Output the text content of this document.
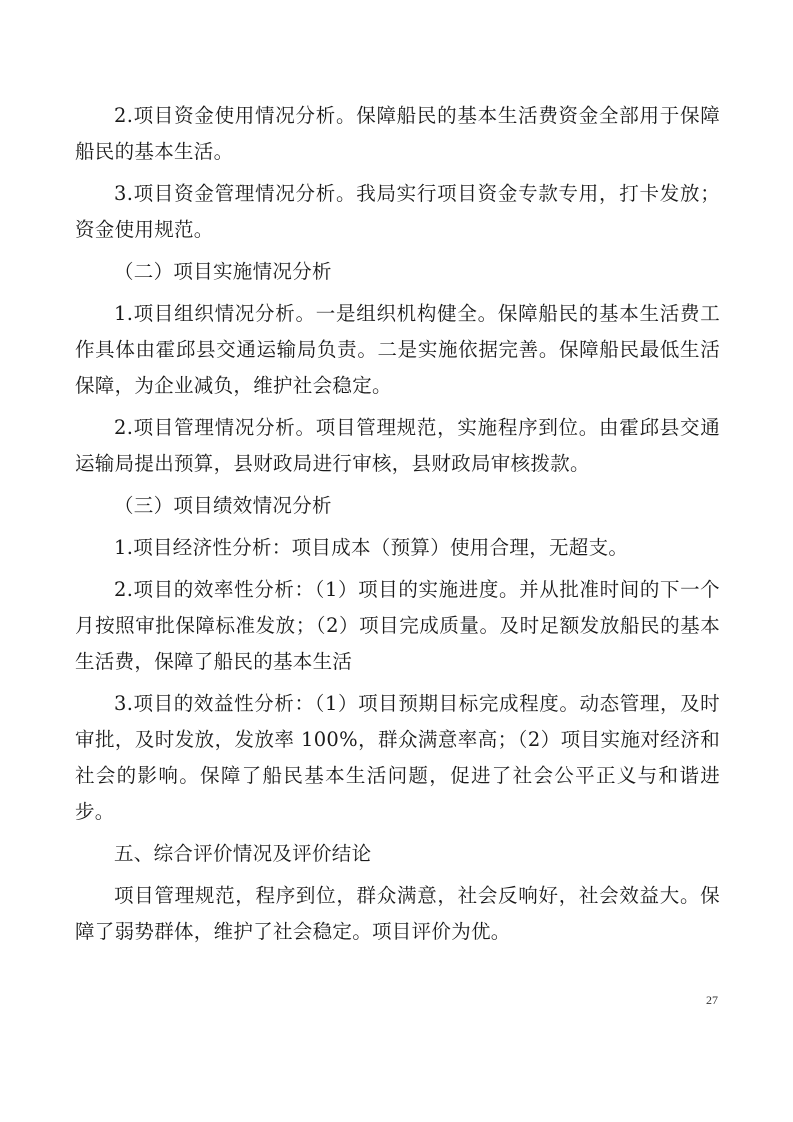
2.项目资金使用情况分析。保障船民的基本生活费资金全部用于保障船民的基本生活。

3.项目资金管理情况分析。我局实行项目资金专款专用，打卡发放；资金使用规范。

（二）项目实施情况分析

1.项目组织情况分析。一是组织机构健全。保障船民的基本生活费工作具体由霍邱县交通运输局负责。二是实施依据完善。保障船民最低生活保障，为企业减负，维护社会稳定。

2.项目管理情况分析。项目管理规范，实施程序到位。由霍邱县交通运输局提出预算，县财政局进行审核，县财政局审核拨款。

（三）项目绩效情况分析

1.项目经济性分析：项目成本（预算）使用合理，无超支。

2.项目的效率性分析：（1）项目的实施进度。并从批准时间的下一个月按照审批保障标准发放；（2）项目完成质量。及时足额发放船民的基本生活费，保障了船民的基本生活

3.项目的效益性分析：（1）项目预期目标完成程度。动态管理，及时审批，及时发放，发放率 100%，群众满意率高；（2）项目实施对经济和社会的影响。保障了船民基本生活问题，促进了社会公平正义与和谐进步。

五、综合评价情况及评价结论

项目管理规范，程序到位，群众满意，社会反响好，社会效益大。保障了弱势群体，维护了社会稳定。项目评价为优。

27
